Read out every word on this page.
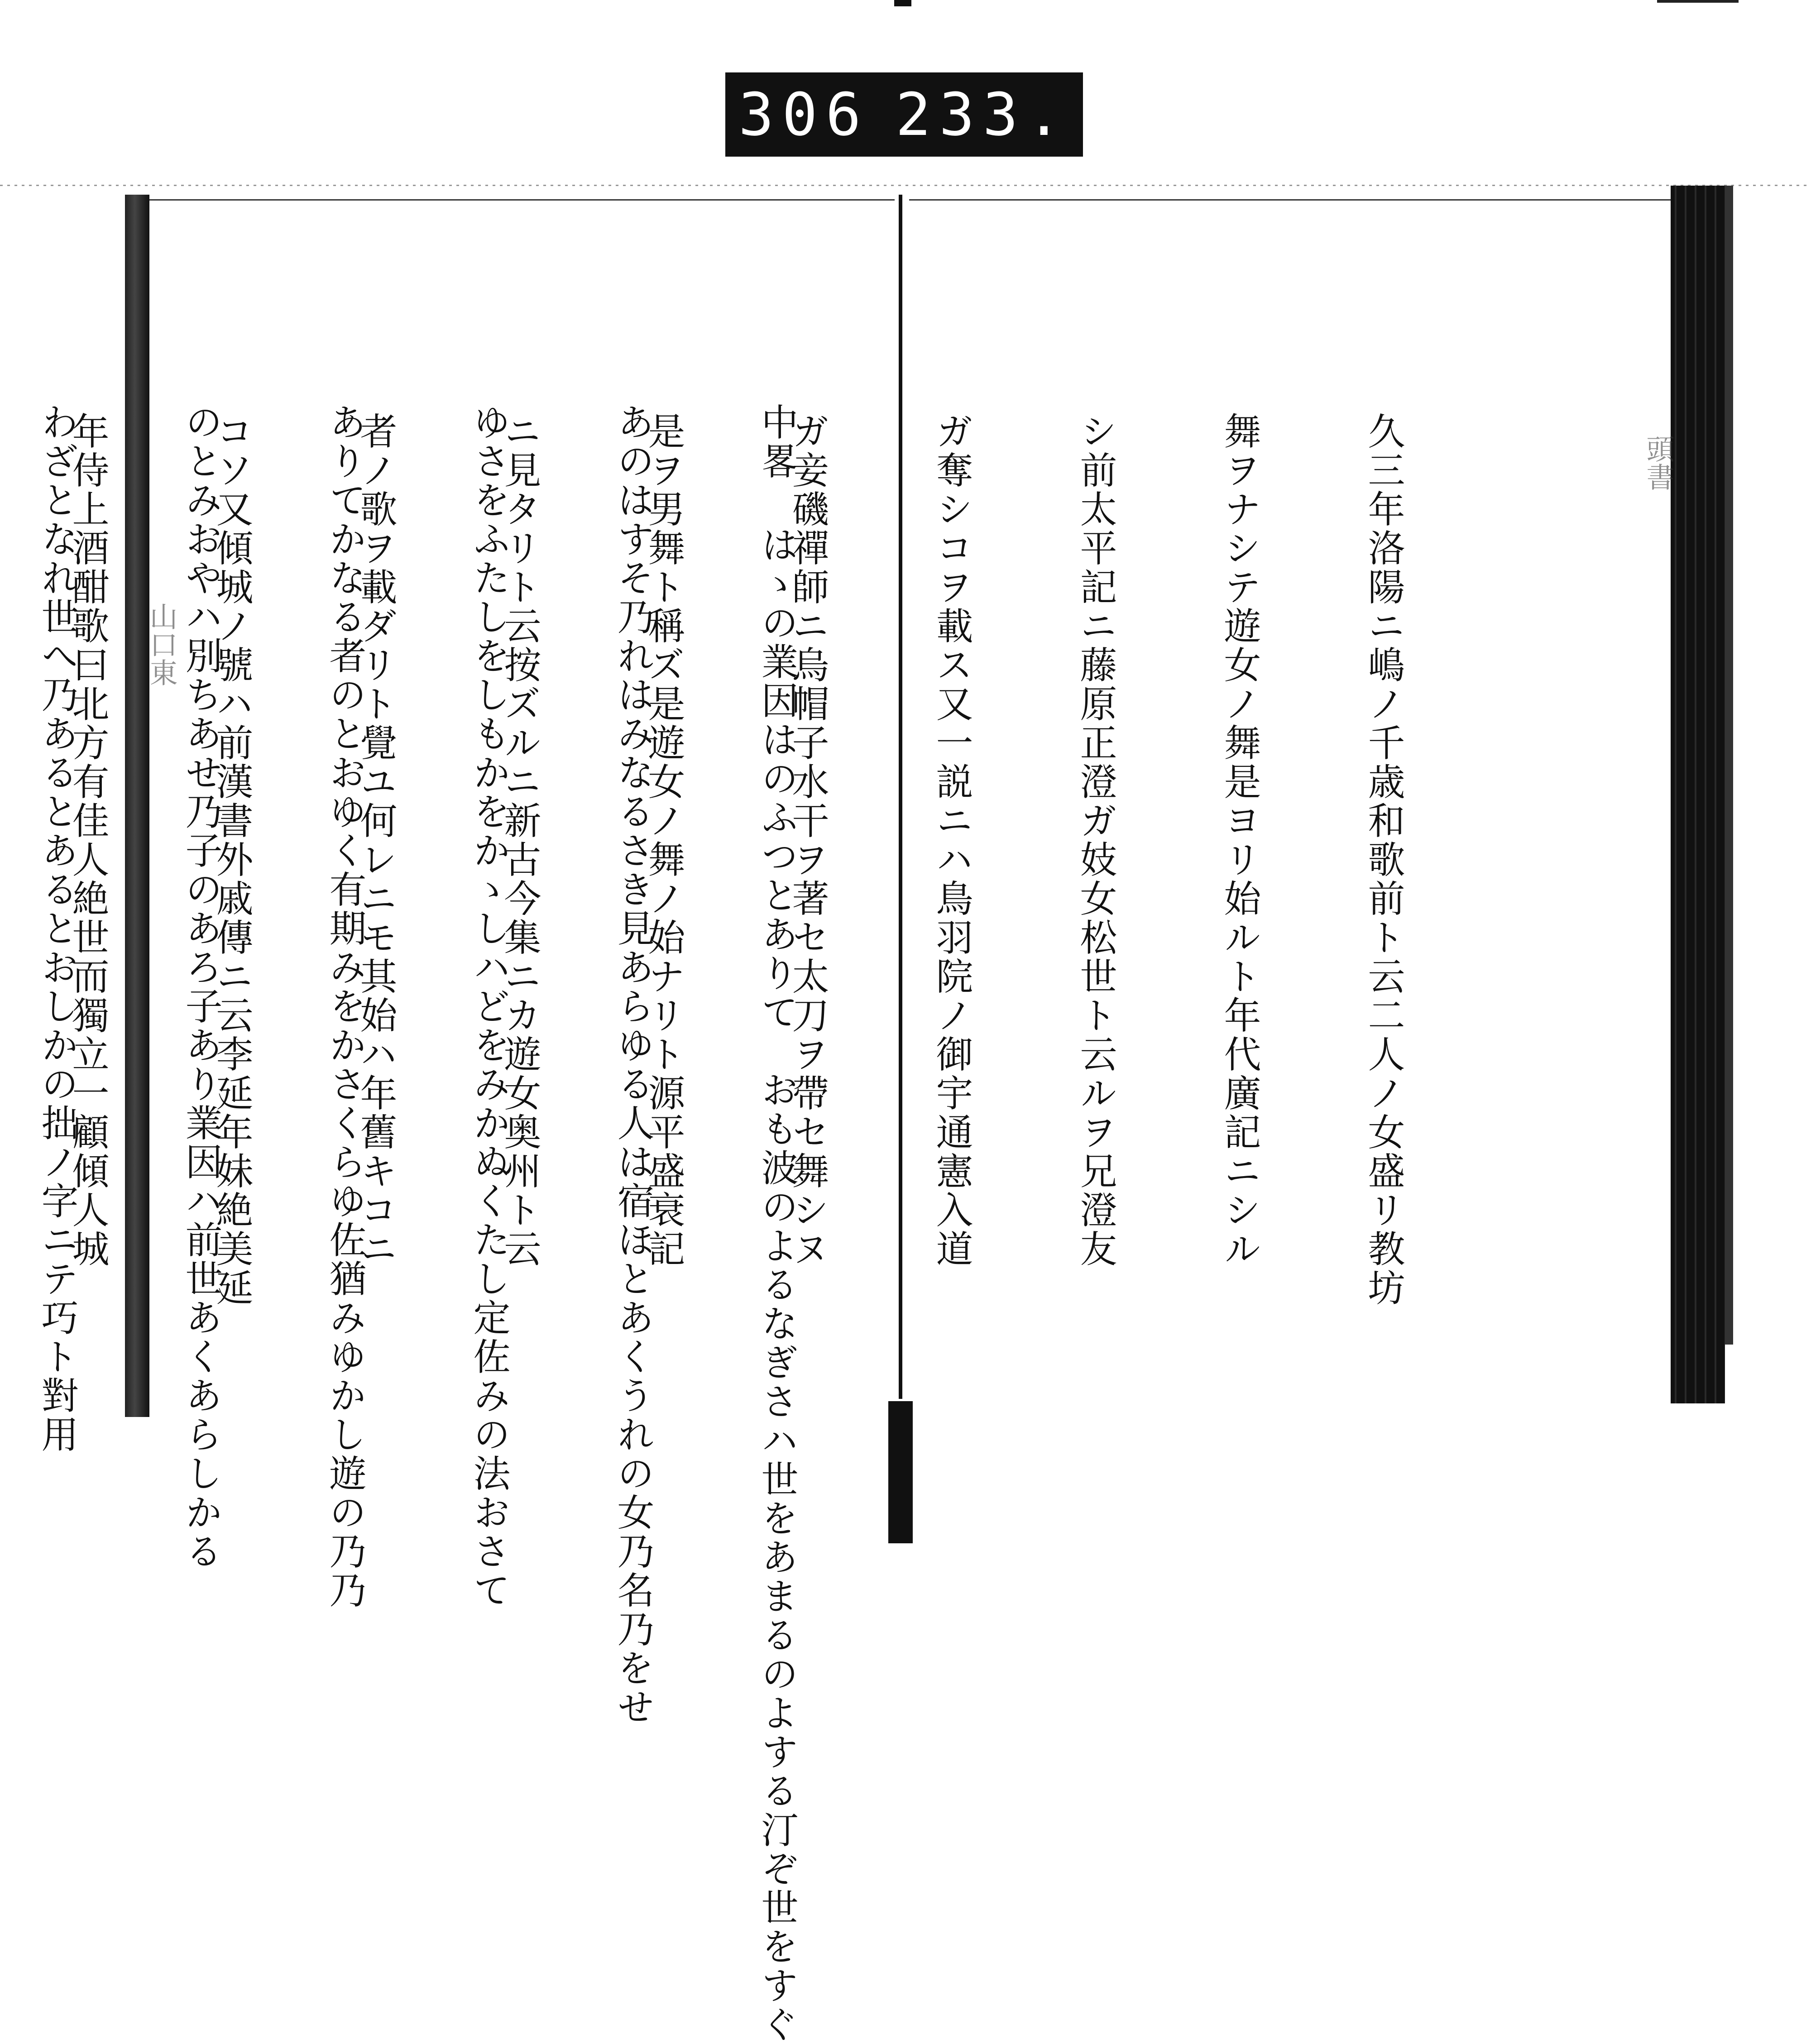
306 233.
山口東
頭書

中畧 はゝの業因はのふつとありて　おも波のよるなぎさハ世をあまるのよする汀ぞ世をすぐ

あのはすそ乃れはみなるさき見あらゆる人は宿ほとあくうれの女乃名乃をせ

ゆさをふたしをしもかをかゝしハどをみかぬくたし定佐みの法おさて

ありてかなる者のとおゆく有期みをかさくらゆ佐猶みゆかし遊の乃乃

のとみおやハ別ちあせ乃子のあろ子あり業因ハ前世あくあらしかる

わざとなれ世へ乃あるとあるとおしかの拙ノ字ニテ巧ト對用

	久三年洛陽ニ嶋ノ千歳和歌前ト云二人ノ女盛リ教坊

舞ヲナシテ遊女ノ舞是ヨリ始ルト年代廣記ニシル

シ前太平記ニ藤原正澄ガ妓女松世ト云ルヲ兄澄友

ガ奪シコヲ載ス又一説ニハ鳥羽院ノ御宇通憲入道

ガ妾磯禪師ニ烏帽子水干ヲ著セ太刀ヲ帶セ舞シヌ

是ヲ男舞ト稱ズ是遊女ノ舞ノ始ナリト源平盛衰記

ニ見タリト云按ズルニ新古今集ニカ遊女奥州ト云

者ノ歌ヲ載ダリト覺ユ何レニモ其始ハ年舊キコニ

コソ又傾城ノ號ハ前漢書外戚傳ニ云李延年妹絶美延

年侍上酒酣歌曰北方有佳人絶世而獨立一顧傾人城
